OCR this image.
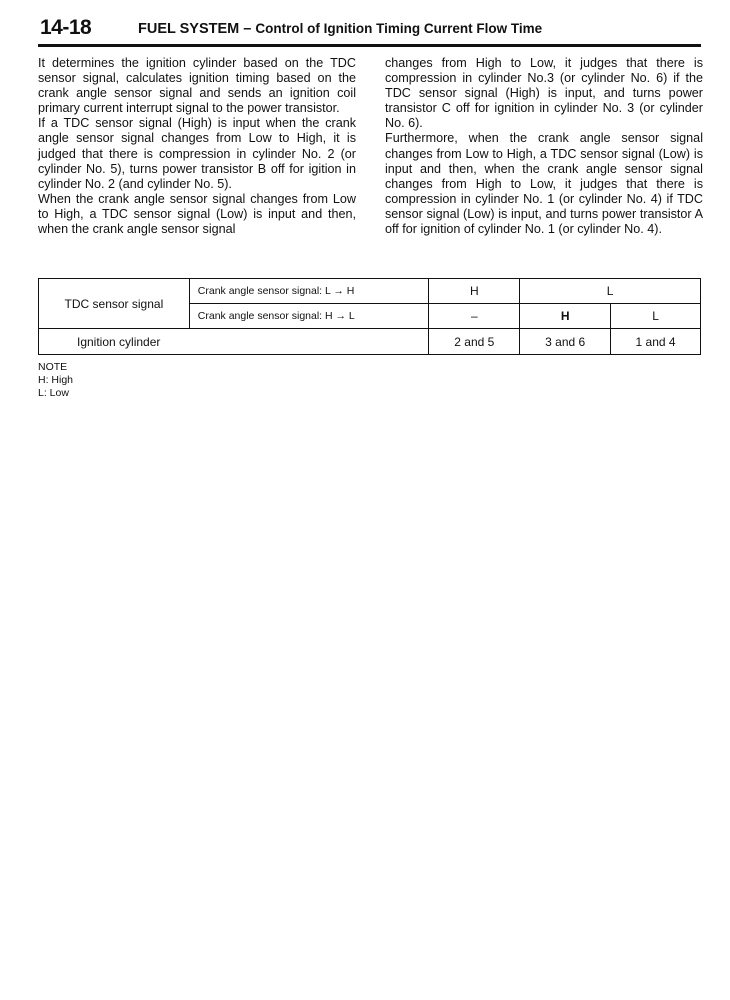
14-18	FUEL SYSTEM – Control of Ignition Timing Current Flow Time

It determines the ignition cylinder based on the TDC sensor signal, calculates ignition timing based on the crank angle sensor signal and sends an ignition coil primary current interrupt signal to the power transistor.

If a TDC sensor signal (High) is input when the crank angle sensor signal changes from Low to High, it is judged that there is compression in cylinder No. 2 (or cylinder No. 5), turns power transistor B off for igition in cylinder No. 2 (and cylinder No. 5).

When the crank angle sensor signal changes from Low to High, a TDC sensor signal (Low) is input and then, when the crank angle sensor signal

changes from High to Low, it judges that there is compression in cylinder No.3 (or cylinder No. 6) if the TDC sensor signal (High) is input, and turns power transistor C off for ignition in cylinder No. 3 (or cylinder No. 6).

Furthermore, when the crank angle sensor signal changes from Low to High, a TDC sensor signal (Low) is input and then, when the crank angle sensor signal changes from High to Low, it judges that there is compression in cylinder No. 1 (or cylinder No. 4) if TDC sensor signal (Low) is input, and turns power transistor A off for ignition of cylinder No. 1 (or cylinder No. 4).

TDC sensor signal	Crank angle sensor signal: L → H	H	L	
	Crank angle sensor signal: H → L	–	H	L
Ignition cylinder		2 and 5	3 and 6	1 and 4
NOTE
H: High
L: Low
